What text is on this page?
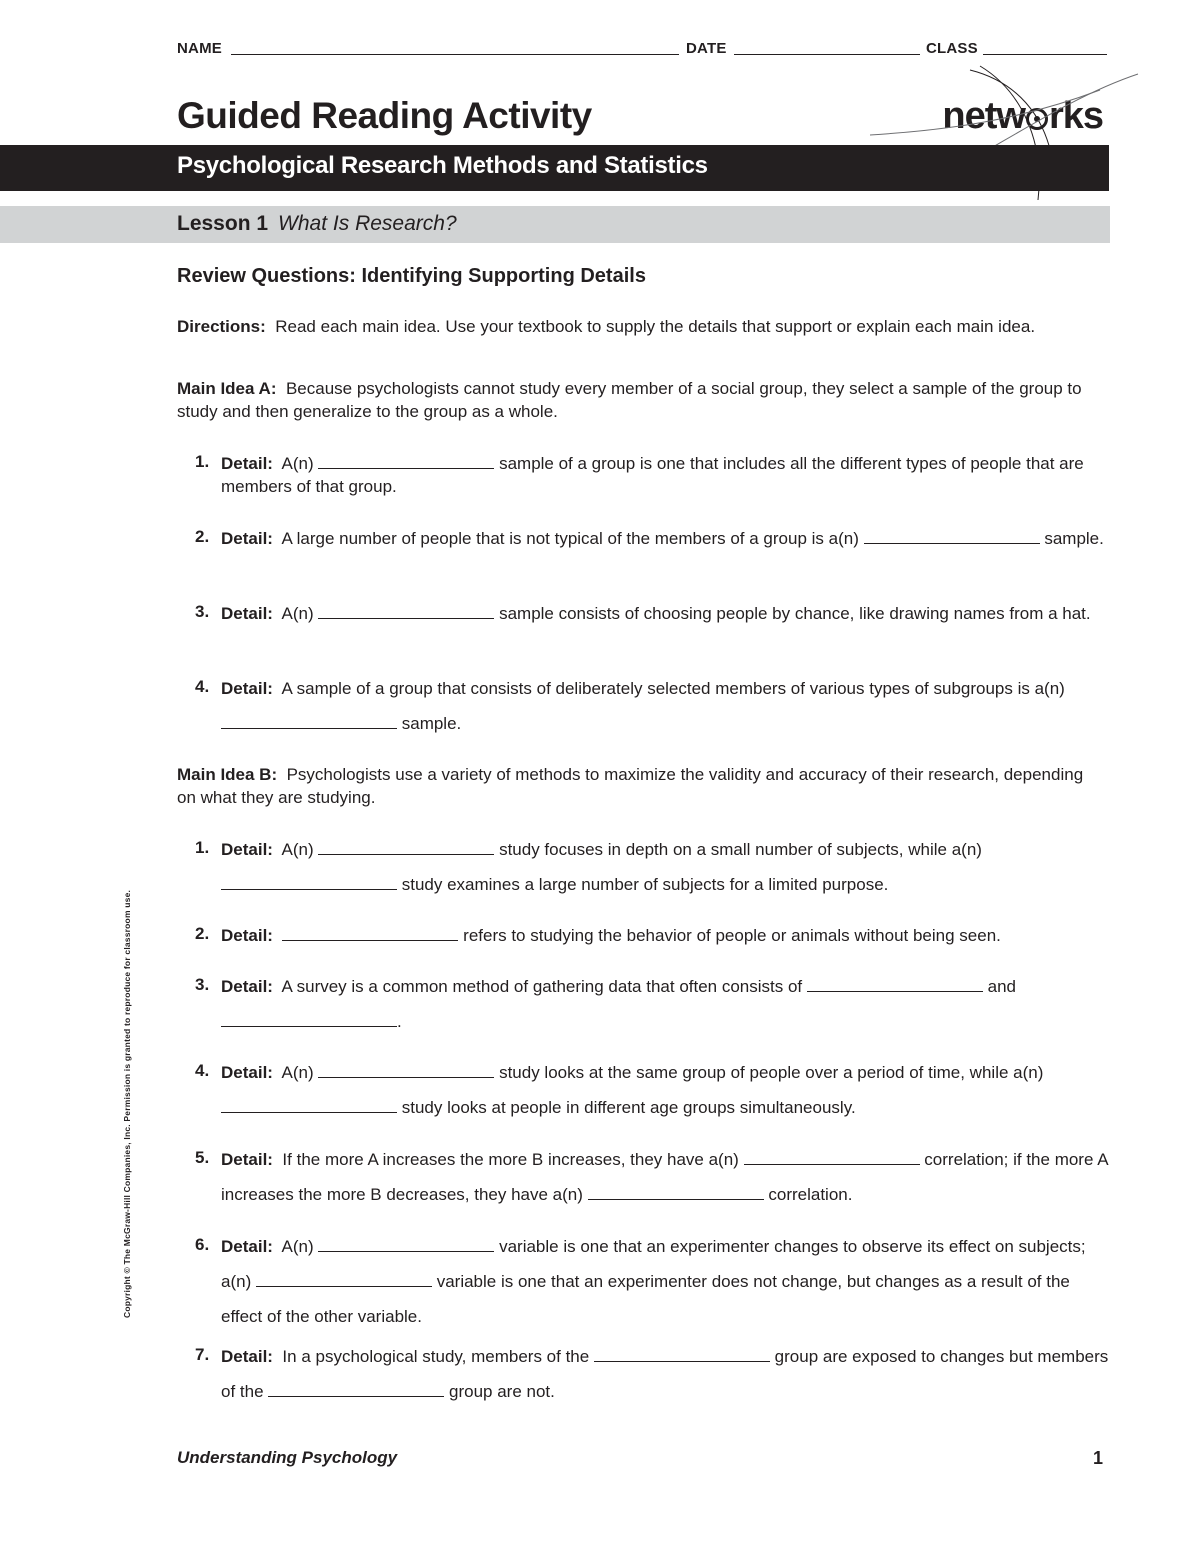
NAME	DATE	CLASS
Guided Reading Activity	netw rks
Psychological Research Methods and Statistics
Lesson 1 What Is Research?
Review Questions: Identifying Supporting Details
Directions: Read each main idea. Use your textbook to supply the details that support or explain each main idea.
Main Idea A: Because psychologists cannot study every member of a social group, they select a sample of the group to study and then generalize to the group as a whole.
1. Detail: A(n)	sample of a group is one that includes all the different types of people that are members of that group.
2. Detail: A large number of people that is not typical of the members of a group is a(n)	sample.
3. Detail: A(n)	sample consists of choosing people by chance, like drawing names from a hat.
4. Detail: A sample of a group that consists of deliberately selected members of various types of subgroups is a(n)  sample.
Main Idea B: Psychologists use a variety of methods to maximize the validity and accuracy of their research, depending on what they are studying.
1. Detail: A(n)	study focuses in depth on a small number of subjects, while a(n)  study examines a large number of subjects for a limited purpose.
2. Detail:	refers to studying the behavior of people or animals without being seen.
3. Detail: A survey is a common method of gathering data that often consists of	and .
4. Detail: A(n)	study looks at the same group of people over a period of time, while a(n)  study looks at people in different age groups simultaneously.
5. Detail: If the more A increases the more B increases, they have a(n)	correlation; if the more A increases the more B decreases, they have a(n)	correlation.
6. Detail: A(n)	variable is one that an experimenter changes to observe its effect on subjects; a(n)	variable is one that an experimenter does not change, but changes as a result of the effect of the other variable.
7. Detail: In a psychological study, members of the	group are exposed to changes but members of the	group are not.
Copyright © The McGraw-Hill Companies, Inc. Permission is granted to reproduce for classroom use.
Understanding Psychology	1
